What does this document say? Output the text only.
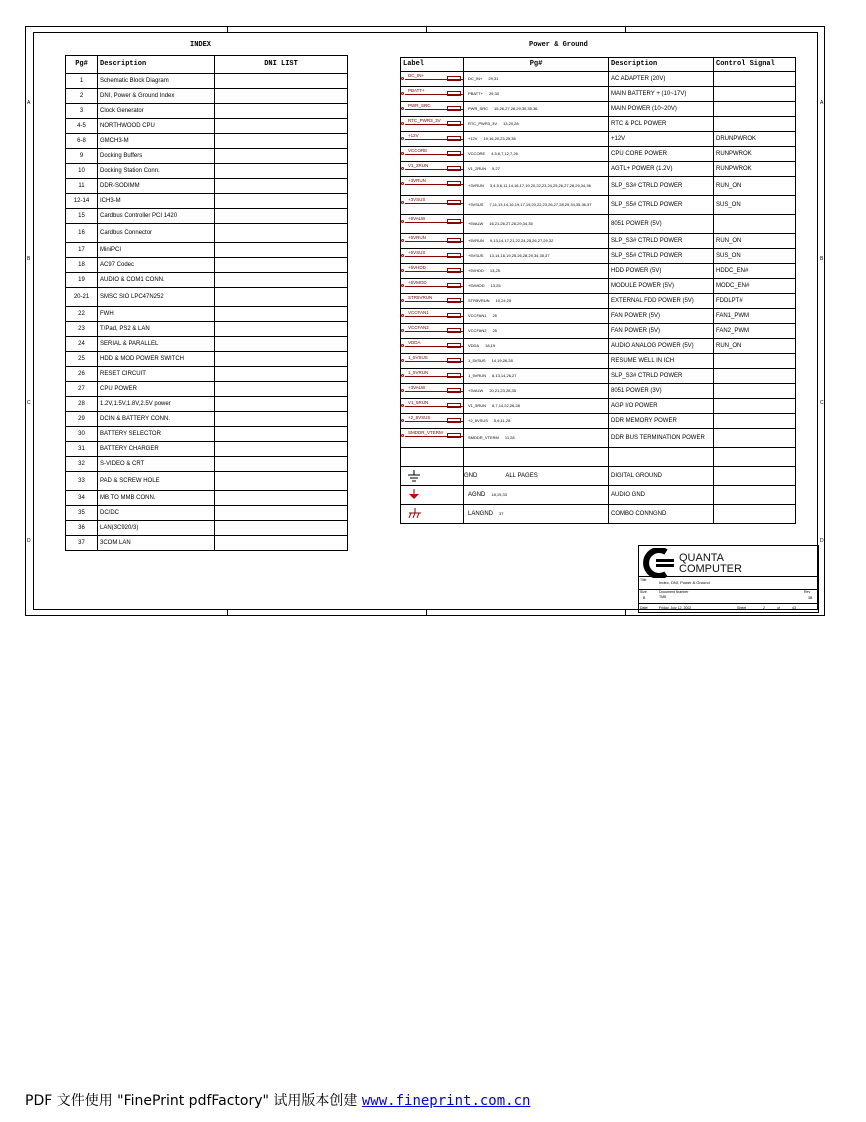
A
B
C
D
A
B
C
D
INDEX
Pg#	Description	DNI LIST
1	Schematic Block Diagram	
2	DNI, Power & Ground Index	
3	Clock Generator	
4-5	NORTHWOOD CPU	
6-8	GMCH3-M	
9	Docking Buffers	
10	Docking Station Conn.	
11	DDR-SODIMM	
12-14	ICH3-M	
15	Cardbus Controller PCI 1420	
16	Cardbus Connector	
17	MiniPCI	
18	AC97 Codec	
19	AUDIO & COM1 CONN.	
20-21	SMSC SIO LPC47N252	
22	FWH	
23	T/Pad, PS2 & LAN	
24	SERIAL & PARALLEL	
25	HDD & MOD POWER SWITCH	
26	RESET CIRCUIT	
27	CPU POWER	
28	1.2V,1.5V,1.8V,2.5V power	
29	DCIN & BATTERY CONN.	
30	BATTERY SELECTOR	
31	BATTERY CHARGER	
32	S-VIDEO & CRT	
33	PAD & SCREW HOLE	
34	MB TO MMB CONN.	
35	DC/DC	
36	LAN(3C920/3)	
37	3COM LAN	
Power & Ground
Label	Pg#	Description	Control Signal

DC_IN+	DC_IN+ 29,31	AC ADAPTER (20V)	

PBATT+	PBATT+ 29,30	MAIN BATTERY + (10~17V)	

PWR_SRC	PWR_SRC 15,26,27,28,29,30,35,36	MAIN POWER (10~20V)	

RTC_PWR3_3V	RTC_PWR3_3V 13,20,28	RTC & PCL POWER	

+12V	+12V 19,16,20,23,25,36	+12V	DRUNPWROK

VCCORE	VCCORE 4,5,6,7,12,7,26	CPU CORE POWER	RUNPWROK

V1_2RUN	V1_2RUN 5,27	AGTL+ POWER (1.2V)	RUNPWROK

+3VRUN	+3VRUN 3,4,5,6,11,14,16,17,19,20,22,23,24,25,26,27,28,29,34,36	SLP_S3# CTRLD POWER	RUN_ON

+3VSUS	+3VSUS 7,11,13,14,16,19,17,19,20,22,23,26,27,28,29,34,35,36,37	SLP_S5# CTRLD POWER	SUS_ON

+5VALW	+5VALW 16,21,26,27,28,29,34,35	8051 POWER (5V)	

+5VRUN	+5VRUN 9,13,14,17,21,22,24,25,26,27,29,32	SLP_S3# CTRLD POWER	RUN_ON

+5VSUS	+5VSUS 13,14,16,19,25,26,28,29,34,35,37	SLP_S5# CTRLD POWER	SUS_ON

+5VHDD	+5VHDD 13,25	HDD POWER (5V)	HDDC_EN#

+5VMOD	+5VMOD 13,25	MODULE POWER (5V)	MODC_EN#

STR5VRUN	STR5VRUN 10,24,25	EXTERNAL FDD POWER (5V)	FDDLPT#

VCCFAN1	VCCFAN1 25	FAN POWER (5V)	FAN1_PWM

VCCFAN2	VCCFAN2 25	FAN POWER (5V)	FAN2_PWM

VDDA	VDDA 18,19	AUDIO ANALOG POWER (5V)	RUN_ON

1_5VSUS	1_5VSUS 14,19,26,28	RESUME WELL IN ICH	

1_5VRUN	1_5VRUN 6,13,14,26,27	SLP_S3# CTRLD POWER	

+3VALW	+3VALW 20,21,23,28,35	8051 POWER (3V)	

V1_5RUN	V1_5RUN 6,7,14,22,26,28	AGP I/O POWER	

+2_5VSUS	+2_5VSUS 5,6,11,28	DDR MEMORY POWER	

SMDDR_VTERM	SMDDR_VTERM 11,28	DDR BUS TERMINATION POWER	

	GND ALL PAGES	DIGITAL GROUND	

	AGND 18,19,33	AUDIO GND	

	LANGND 37	COMBO CONNGND	
QUANTA
COMPUTER
Title	Index, DNI, Power & Ground
Size
B
Document Number
TM8
Rev
3B
Date:	Friday, July 12, 2002	Sheet	2	of	43
PDF 文件使用 "FinePrint pdfFactory" 试用版本创建 www.fineprint.com.cn
